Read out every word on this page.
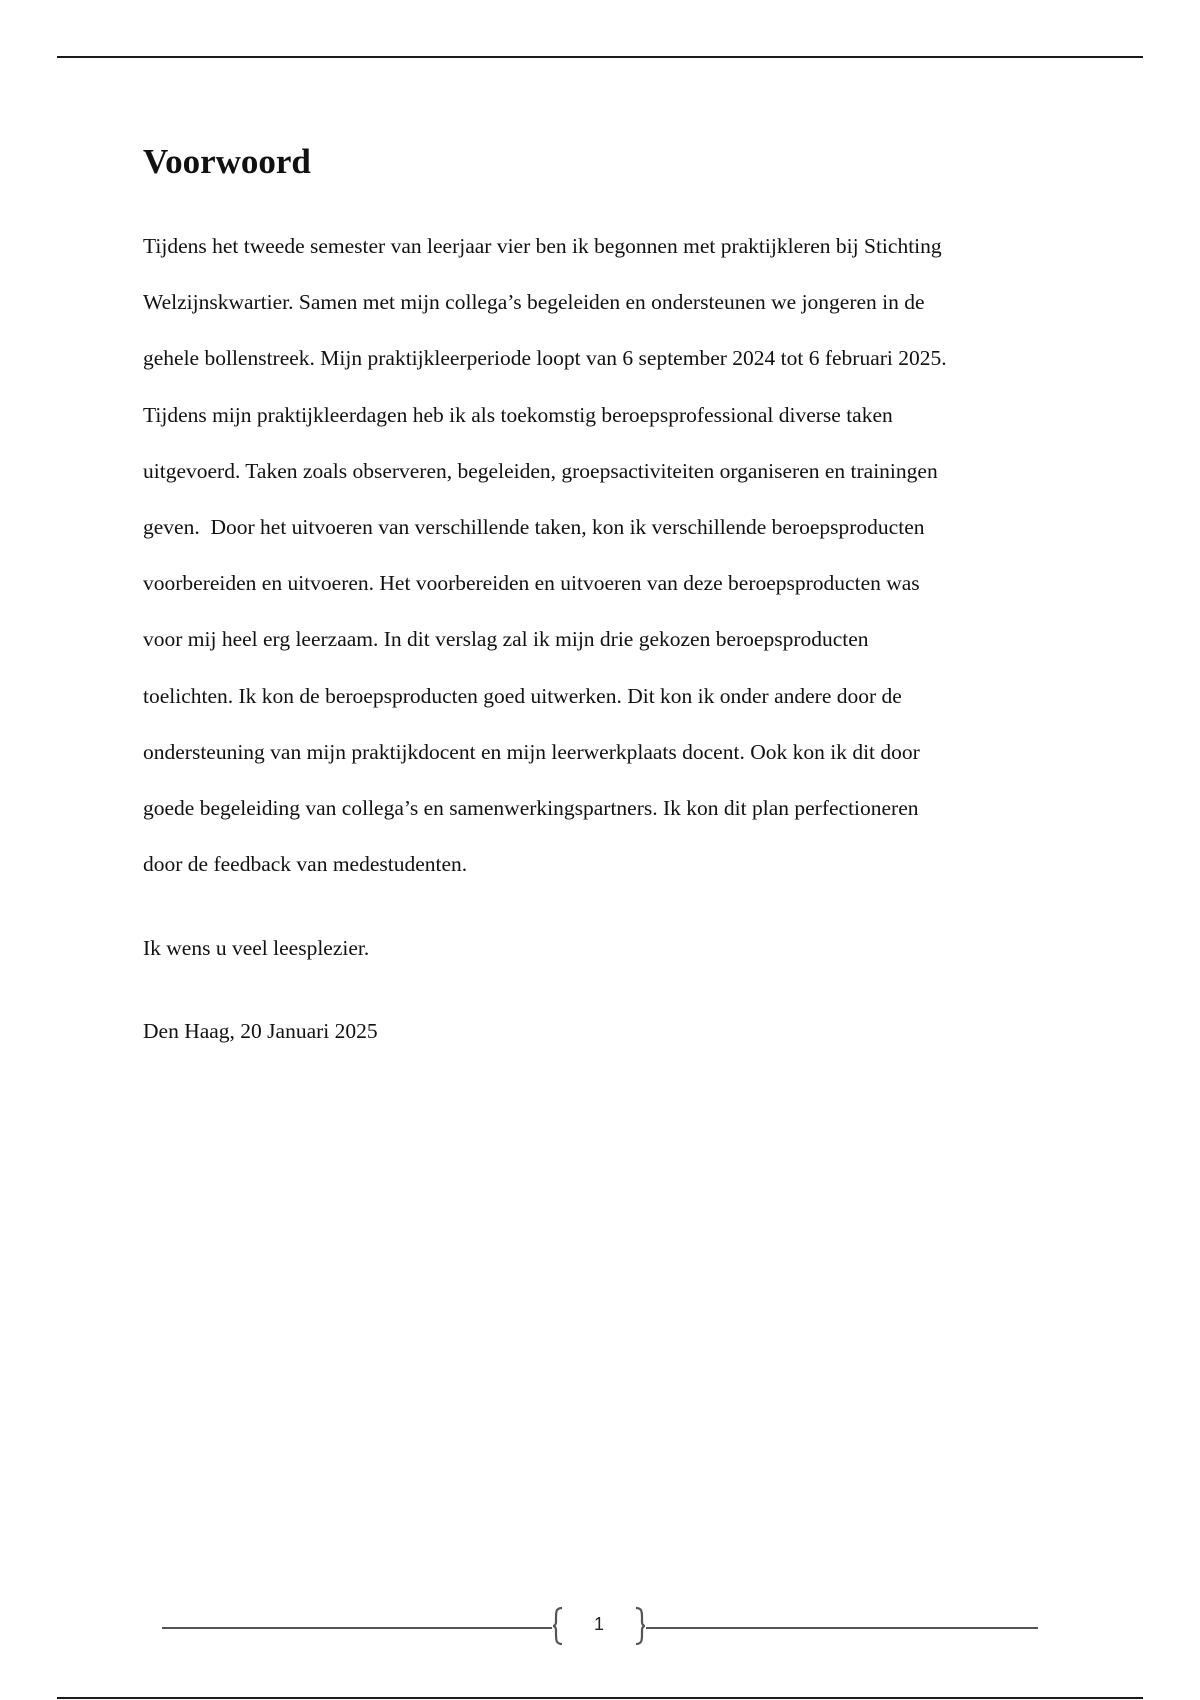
Voorwoord

Tijdens het tweede semester van leerjaar vier ben ik begonnen met praktijkleren bij Stichting

Welzijnskwartier. Samen met mijn collega’s begeleiden en ondersteunen we jongeren in de

gehele bollenstreek. Mijn praktijkleerperiode loopt van 6 september 2024 tot 6 februari 2025.

Tijdens mijn praktijkleerdagen heb ik als toekomstig beroepsprofessional diverse taken

uitgevoerd. Taken zoals observeren, begeleiden, groepsactiviteiten organiseren en trainingen

geven.  Door het uitvoeren van verschillende taken, kon ik verschillende beroepsproducten

voorbereiden en uitvoeren. Het voorbereiden en uitvoeren van deze beroepsproducten was

voor mij heel erg leerzaam. In dit verslag zal ik mijn drie gekozen beroepsproducten

toelichten. Ik kon de beroepsproducten goed uitwerken. Dit kon ik onder andere door de

ondersteuning van mijn praktijkdocent en mijn leerwerkplaats docent. Ook kon ik dit door

goede begeleiding van collega’s en samenwerkingspartners. Ik kon dit plan perfectioneren

door de feedback van medestudenten.

Ik wens u veel leesplezier.

Den Haag, 20 Januari 2025

1
